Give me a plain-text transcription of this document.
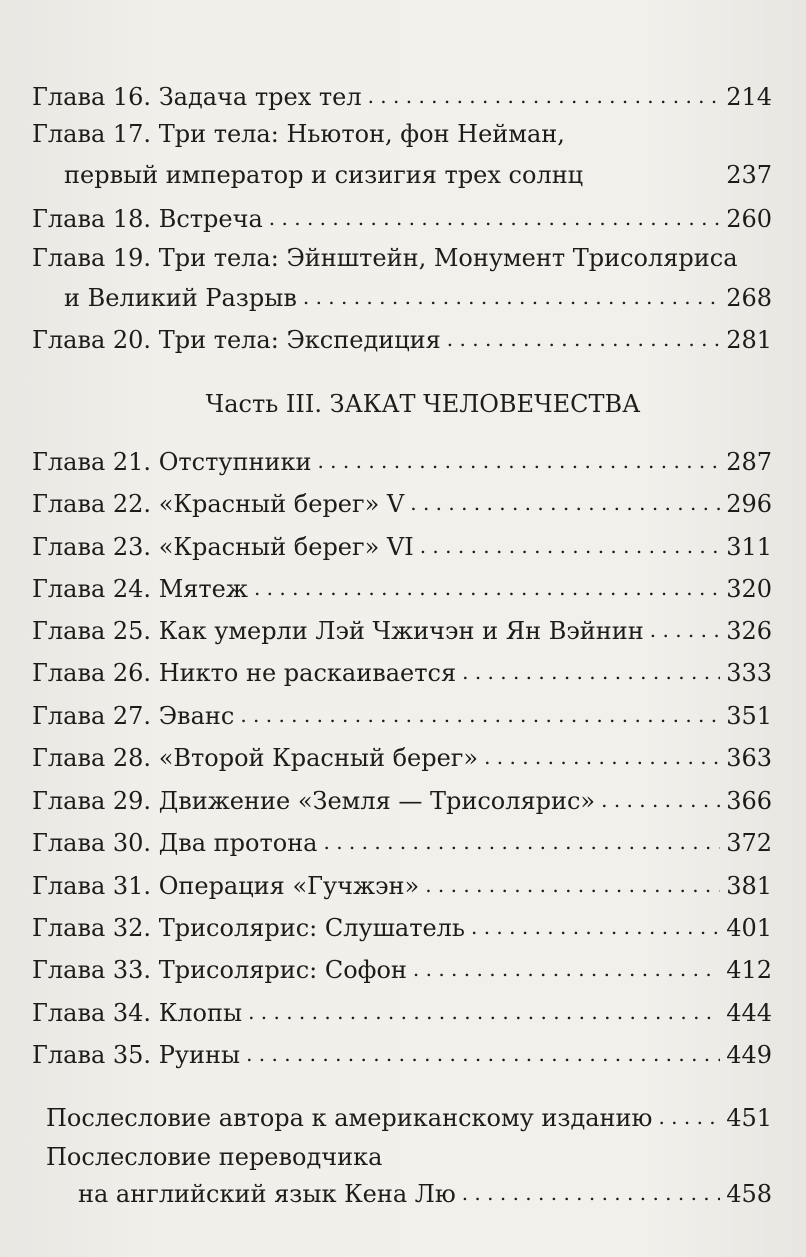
Глава 16. Задача трех тел . . .	214
Глава 17. Три тела: Ньютон, фон Нейман,
первый император и сизигия трех солнц	237
Глава 18. Встреча . . .	260
Глава 19. Три тела: Эйнштейн, Монумент Трисоляриса
и Великий Разрыв . . .	268
Глава 20. Три тела: Экспедиция . . .	281
Часть III. ЗАКАТ ЧЕЛОВЕЧЕСТВА
Глава 21. Отступники . . .	287
Глава 22. «Красный берег» V . . .	296
Глава 23. «Красный берег» VI . . .	311
Глава 24. Мятеж . . .	320
Глава 25. Как умерли Лэй Чжичэн и Ян Вэйнин . . .	326
Глава 26. Никто не раскаивается . . .	333
Глава 27. Эванс . . .	351
Глава 28. «Второй Красный берег» . . .	363
Глава 29. Движение «Земля — Трисолярис» . . .	366
Глава 30. Два протона . . .	372
Глава 31. Операция «Гучжэн» . . .	381
Глава 32. Трисолярис: Слушатель . . .	401
Глава 33. Трисолярис: Софон . . .	412
Глава 34. Клопы . . .	444
Глава 35. Руины . . .	449
Послесловие автора к американскому изданию . . .	451
Послесловие переводчика
на английский язык Кена Лю . . .	458
